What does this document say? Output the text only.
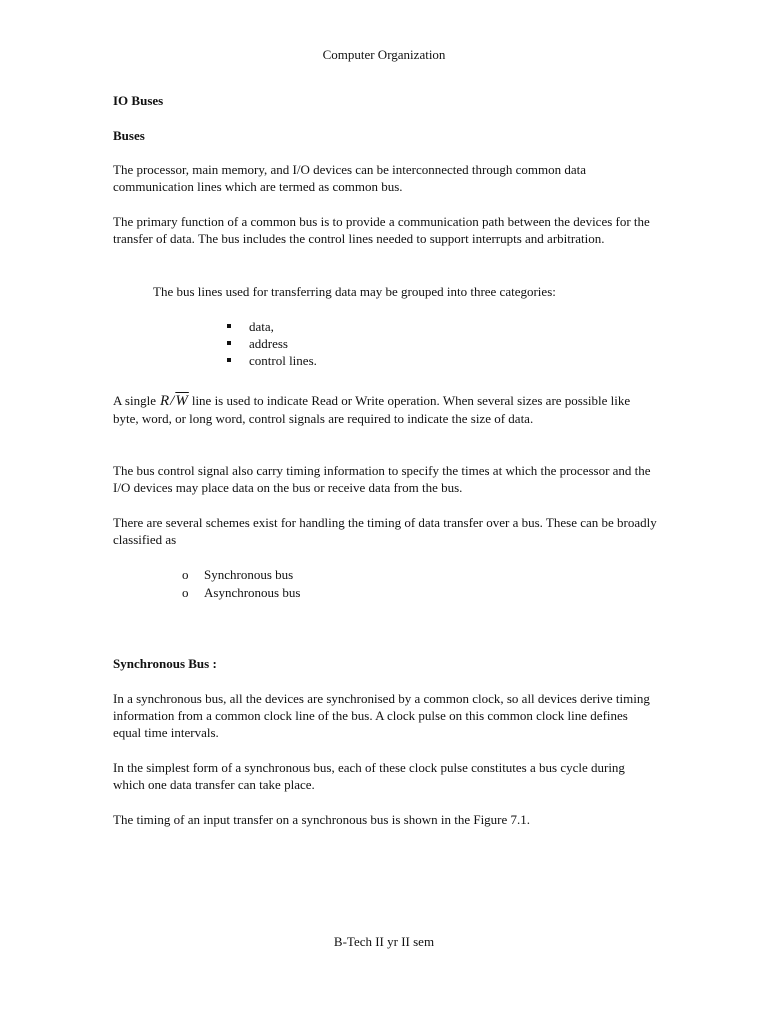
Computer Organization
IO Buses
Buses
The processor, main memory, and I/O devices can be interconnected through common data communication lines which are termed as common bus.
The primary function of a common bus is to provide a communication path between the devices for the transfer of data. The bus includes the control lines needed to support interrupts and arbitration.
The bus lines used for transferring data may be grouped into three categories:
data,
address
control lines.
A single $R/\overline{W}$ line is used to indicate Read or Write operation. When several sizes are possible like byte, word, or long word, control signals are required to indicate the size of data.
The bus control signal also carry timing information to specify the times at which the processor and the I/O devices may place data on the bus or receive data from the bus.
There are several schemes exist for handling the timing of data transfer over a bus. These can be broadly classified as
o Synchronous bus
o Asynchronous bus
Synchronous Bus :
In a synchronous bus, all the devices are synchronised by a common clock, so all devices derive timing information from a common clock line of the bus. A clock pulse on this common clock line defines equal time intervals.
In the simplest form of a synchronous bus, each of these clock pulse constitutes a bus cycle during which one data transfer can take place.
The timing of an input transfer on a synchronous bus is shown in the Figure 7.1.
B-Tech II yr II sem
